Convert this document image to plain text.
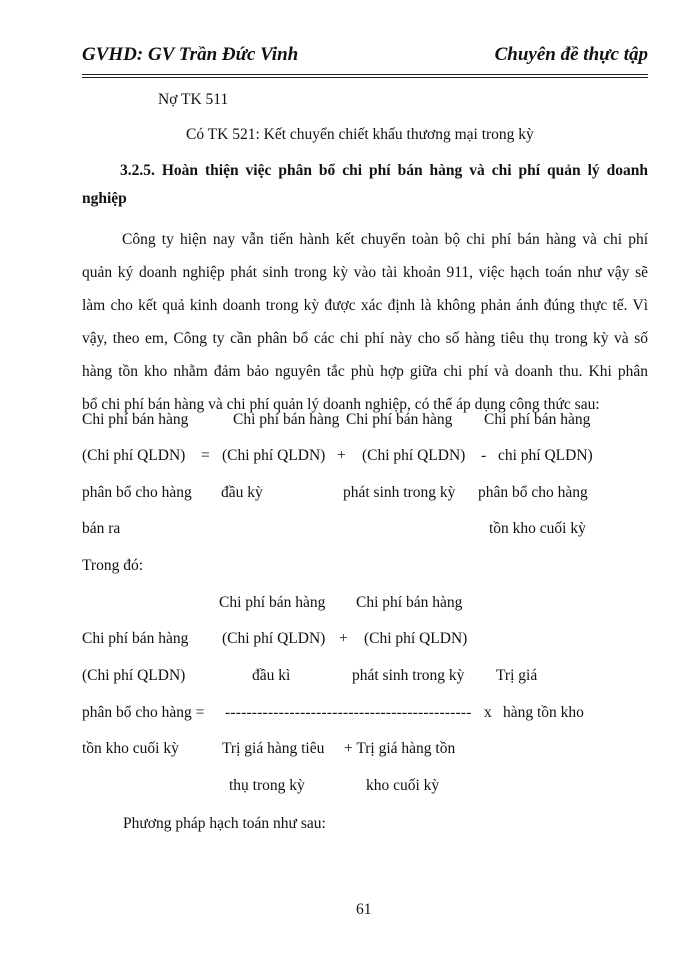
GVHD: GV Trần Đức Vinh	Chuyên đề thực tập
Nợ TK 511
Có TK 521: Kết chuyển chiết khấu thương mại trong kỳ
3.2.5. Hoàn thiện việc phân bổ chi phí bán hàng và chi phí quản lý doanh
nghiệp
Công ty hiện nay vẫn tiến hành kết chuyển toàn bộ chi phí bán hàng và chi phí
quản ký doanh nghiệp phát sinh trong kỳ vào tài khoản 911, việc hạch toán như vậy sẽ
làm cho kết quả kinh doanh trong kỳ được xác định là không phản ánh đúng thực tế. Vì
vậy, theo em, Công ty cần phân bổ các chi phí này cho số hàng tiêu thụ trong kỳ và số
hàng tồn kho nhằm đảm bảo nguyên tắc phù hợp giữa chi phí và doanh thu. Khi phân
bổ chi phí bán hàng và chi phí quản lý doanh nghiệp, có thể áp dụng công thức sau:
Chi phí bán hàng	Chi phí bán hàng Chi phí bán hàng Chi phí bán hàng
(Chi phí QLDN) = (Chi phí QLDN) + (Chi phí QLDN) - chi phí QLDN)
phân bổ cho hàng đầu kỳ	phát sinh trong kỳ phân bổ cho hàng
bán ra	tồn kho cuối kỳ
Trong đó:
Chi phí bán hàng Chi phí bán hàng
Chi phí bán hàng (Chi phí QLDN) + (Chi phí QLDN)
(Chi phí QLDN)	đầu kì	phát sinh trong kỳ Trị giá
phân bổ cho hàng = ---------------------------------------------- x hàng tồn kho
tồn kho cuối kỳ	Trị giá hàng tiêu + Trị giá hàng tồn
thụ trong kỳ	kho cuối kỳ
Phương pháp hạch toán như sau:
61
